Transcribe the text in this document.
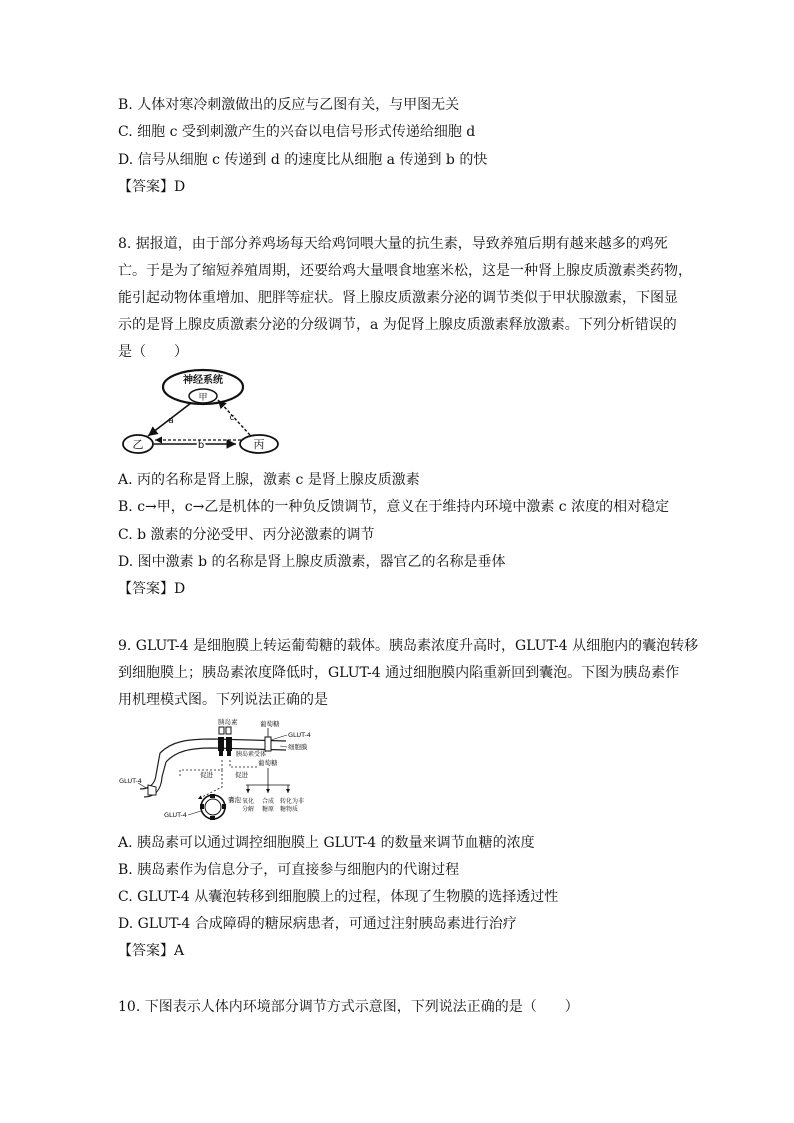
B. 人体对寒冷刺激做出的反应与乙图有关，与甲图无关
C. 细胞 c 受到刺激产生的兴奋以电信号形式传递给细胞 d
D. 信号从细胞 c 传递到 d 的速度比从细胞 a 传递到 b 的快
【答案】D
8. 据报道，由于部分养鸡场每天给鸡饲喂大量的抗生素，导致养殖后期有越来越多的鸡死
亡。于是为了缩短养殖周期，还要给鸡大量喂食地塞米松，这是一种肾上腺皮质激素类药物，
能引起动物体重增加、肥胖等症状。肾上腺皮质激素分泌的调节类似于甲状腺激素，下图显
示的是肾上腺皮质激素分泌的分级调节，a 为促肾上腺皮质激素释放激素。下列分析错误的
是（　　）
神经系统
甲
乙	丙
a
b
c
A. 丙的名称是肾上腺，激素 c 是肾上腺皮质激素
B. c→甲，c→乙是机体的一种负反馈调节，意义在于维持内环境中激素 c 浓度的相对稳定
C. b 激素的分泌受甲、丙分泌激素的调节
D. 图中激素 b 的名称是肾上腺皮质激素，器官乙的名称是垂体
【答案】D
9. GLUT-4 是细胞膜上转运葡萄糖的载体。胰岛素浓度升高时，GLUT-4 从细胞内的囊泡转移
到细胞膜上；胰岛素浓度降低时，GLUT-4 通过细胞膜内陷重新回到囊泡。下图为胰岛素作
用机理模式图。下列说法正确的是
GLUT-4
胰岛素
胰岛素受体
葡萄糖
GLUT-4
细胞膜
葡萄糖
促进	促进
氧化
分解
合成
糖原
转化为非
糖物质
囊泡
GLUT-4
A. 胰岛素可以通过调控细胞膜上 GLUT-4 的数量来调节血糖的浓度
B. 胰岛素作为信息分子，可直接参与细胞内的代谢过程
C. GLUT-4 从囊泡转移到细胞膜上的过程，体现了生物膜的选择透过性
D. GLUT-4 合成障碍的糖尿病患者，可通过注射胰岛素进行治疗
【答案】A
10. 下图表示人体内环境部分调节方式示意图，下列说法正确的是（　　）
